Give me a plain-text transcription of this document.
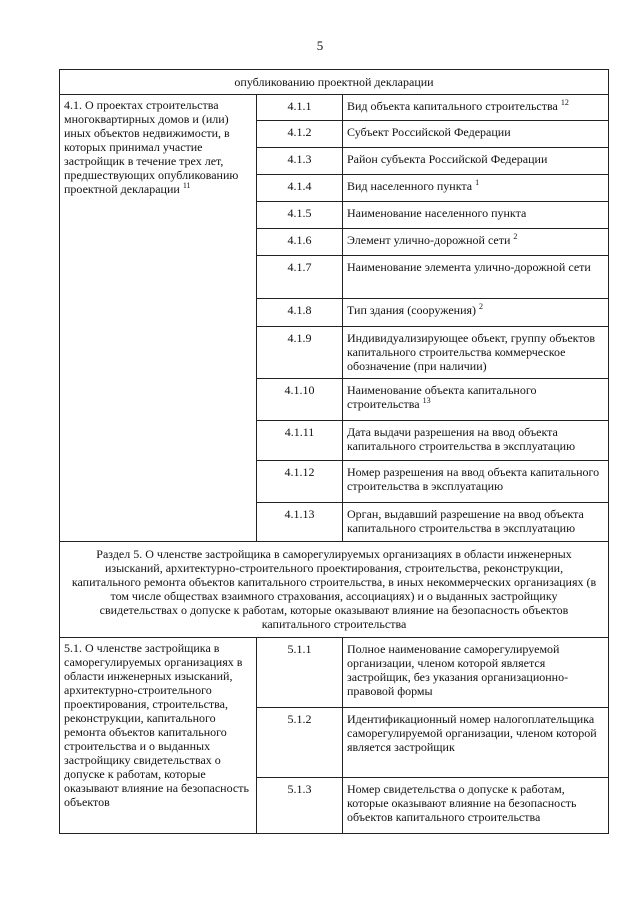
5
опубликованию проектной декларации		
4.1. О проектах строительства многоквартирных домов и (или) иных объектов недвижимости, в которых принимал участие застройщик в течение трех лет, предшествующих опубликованию проектной декларации $^{11}$	4.1.1	Вид объекта капитального строительства $^{12}$
	4.1.2	Субъект Российской Федерации
	4.1.3	Район субъекта Российской Федерации
	4.1.4	Вид населенного пункта $^1$
	4.1.5	Наименование населенного пункта
	4.1.6	Элемент улично-дорожной сети $^2$
	4.1.7	Наименование элемента улично-дорожной сети
	4.1.8	Тип здания (сооружения) $^2$
	4.1.9	Индивидуализирующее объект, группу объектов капитального строительства коммерческое обозначение (при наличии)
	4.1.10	Наименование объекта капитального строительства $^{13}$
	4.1.11	Дата выдачи разрешения на ввод объекта капитального строительства в эксплуатацию
	4.1.12	Номер разрешения на ввод объекта капитального строительства в эксплуатацию
	4.1.13	Орган, выдавший разрешение на ввод объекта капитального строительства в эксплуатацию
Раздел 5. О членстве застройщика в саморегулируемых организациях в области инженерных изысканий, архитектурно-строительного проектирования, строительства, реконструкции, капитального ремонта объектов капитального строительства, в иных некоммерческих организациях (в том числе обществах взаимного страхования, ассоциациях) и о выданных застройщику свидетельствах о допуске к работам, которые оказывают влияние на безопасность объектов капитального строительства		
5.1. О членстве застройщика в саморегулируемых организациях в области инженерных изысканий, архитектурно-строительного проектирования, строительства, реконструкции, капитального ремонта объектов капитального строительства и о выданных застройщику свидетельствах о допуске к работам, которые оказывают влияние на безопасность объектов	5.1.1	Полное наименование саморегулируемой организации, членом которой является застройщик, без указания организационно-правовой формы
	5.1.2	Идентификационный номер налогоплательщика саморегулируемой организации, членом которой является застройщик
	5.1.3	Номер свидетельства о допуске к работам, которые оказывают влияние на безопасность объектов капитального строительства
